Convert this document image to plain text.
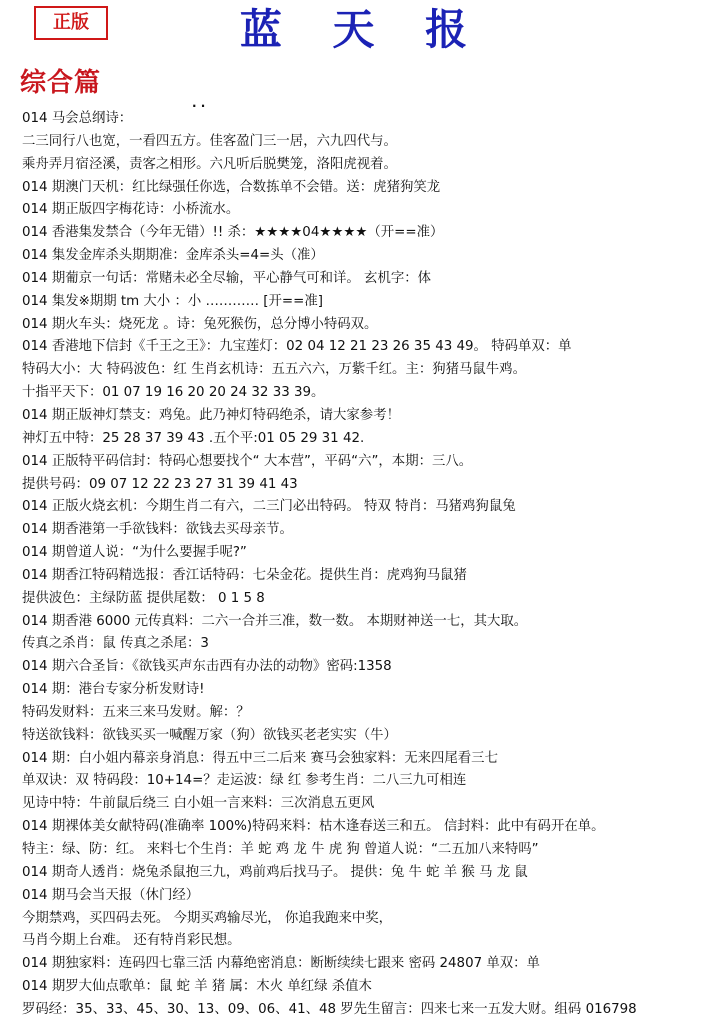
正版	蓝 天 报
综合篇
. .
014 马会总纲诗：
二三同行八也宽，一看四五方。佳客盈门三一居，六九四代与。
乘舟弄月宿泾溪，责客之相形。六凡听后脱樊笼，洛阳虎视着。
014 期澳门天机：红比绿强任你选，合数拣单不会错。送：虎猪狗笑龙
014 期正版四字梅花诗：小桥流水。
014 香港集发禁合（今年无错）!! 杀：★★★★04★★★★（开==准）
014 集发金库杀头期期准：金库杀头=4=头（准）
014 期葡京一句话：常赌未必全尽输，平心静气可和详。 玄机字：体
014 集发※期期 tm 大小 ：小 ………… [开==准]
014 期火车头：烧死龙 。诗：兔死猴伤，总分博小特码双。
014 香港地下信封《千王之王》：九宝莲灯：02 04 12 21 23 26 35 43 49。 特码单双：单
特码大小：大 特码波色：红 生肖玄机诗：五五六六，万紫千红。主：狗猪马鼠牛鸡。
十指平天下：01 07 19 16 20 20 24 32 33 39。
014 期正版神灯禁支：鸡兔。此乃神灯特码绝杀，请大家参考！
神灯五中特：25 28 37 39 43 .五个平:01 05 29 31 42.
014 正版特平码信封：特码心想要找个“ 大本营”，平码“六”，本期：三八。
提供号码：09 07 12 22 23 27 31 39 41 43
014 正版火烧玄机：今期生肖二有六，二三门必出特码。 特双 特肖：马猪鸡狗鼠兔
014 期香港第一手欲钱料：欲钱去买母亲节。
014 期曾道人说：“为什么要握手呢?”
014 期香江特码精选报：香江话特码：七朵金花。提供生肖：虎鸡狗马鼠猪
提供波色：主绿防蓝 提供尾数： 0 1 5 8
014 期香港 6000 元传真料：二六一合并三准，数一数。 本期财神送一七，其大取。
传真之杀肖：鼠 传真之杀尾：3
014 期六合圣旨：《欲钱买声东击西有办法的动物》密码:1358
014 期：港台专家分析发财诗!
特码发财料：五来三来马发财。解：？
特送欲钱料：欲钱买买一喊醒万家（狗）欲钱买老老实实（牛）
014 期：白小姐内幕亲身消息：得五中三二后来 赛马会独家料：无来四尾看三七
单双诀：双 特码段：10+14=？走运波：绿 红 参考生肖：二八三九可相连
见诗中特：牛前鼠后绕三 白小姐一言来料：三次消息五更风
014 期裸体美女献特码(准确率 100%)特码来料：枯木逢春送三和五。 信封料：此中有码开在单。
特主：绿、防：红。 来料七个生肖：羊 蛇 鸡 龙 牛 虎 狗 曾道人说：“二五加八来特吗”
014 期奇人透肖：烧兔杀鼠抱三九，鸡前鸡后找马子。 提供：兔 牛 蛇 羊 猴 马 龙 鼠
014 期马会当天报（休门经）
今期禁鸡，买四码去死。 今期买鸡输尽光， 你追我跑来中奖，
马肖今期上台难。 还有特肖彩民想。
014 期独家料：连码四七靠三活 内幕绝密消息：断断续续七跟来 密码 24807 单双：单
014 期罗大仙点歌单：鼠 蛇 羊 猪 属：木火 单红绿 杀值木
罗码经：35、33、45、30、13、09、06、41、48 罗先生留言：四来七来一五发大财。组码 016798
